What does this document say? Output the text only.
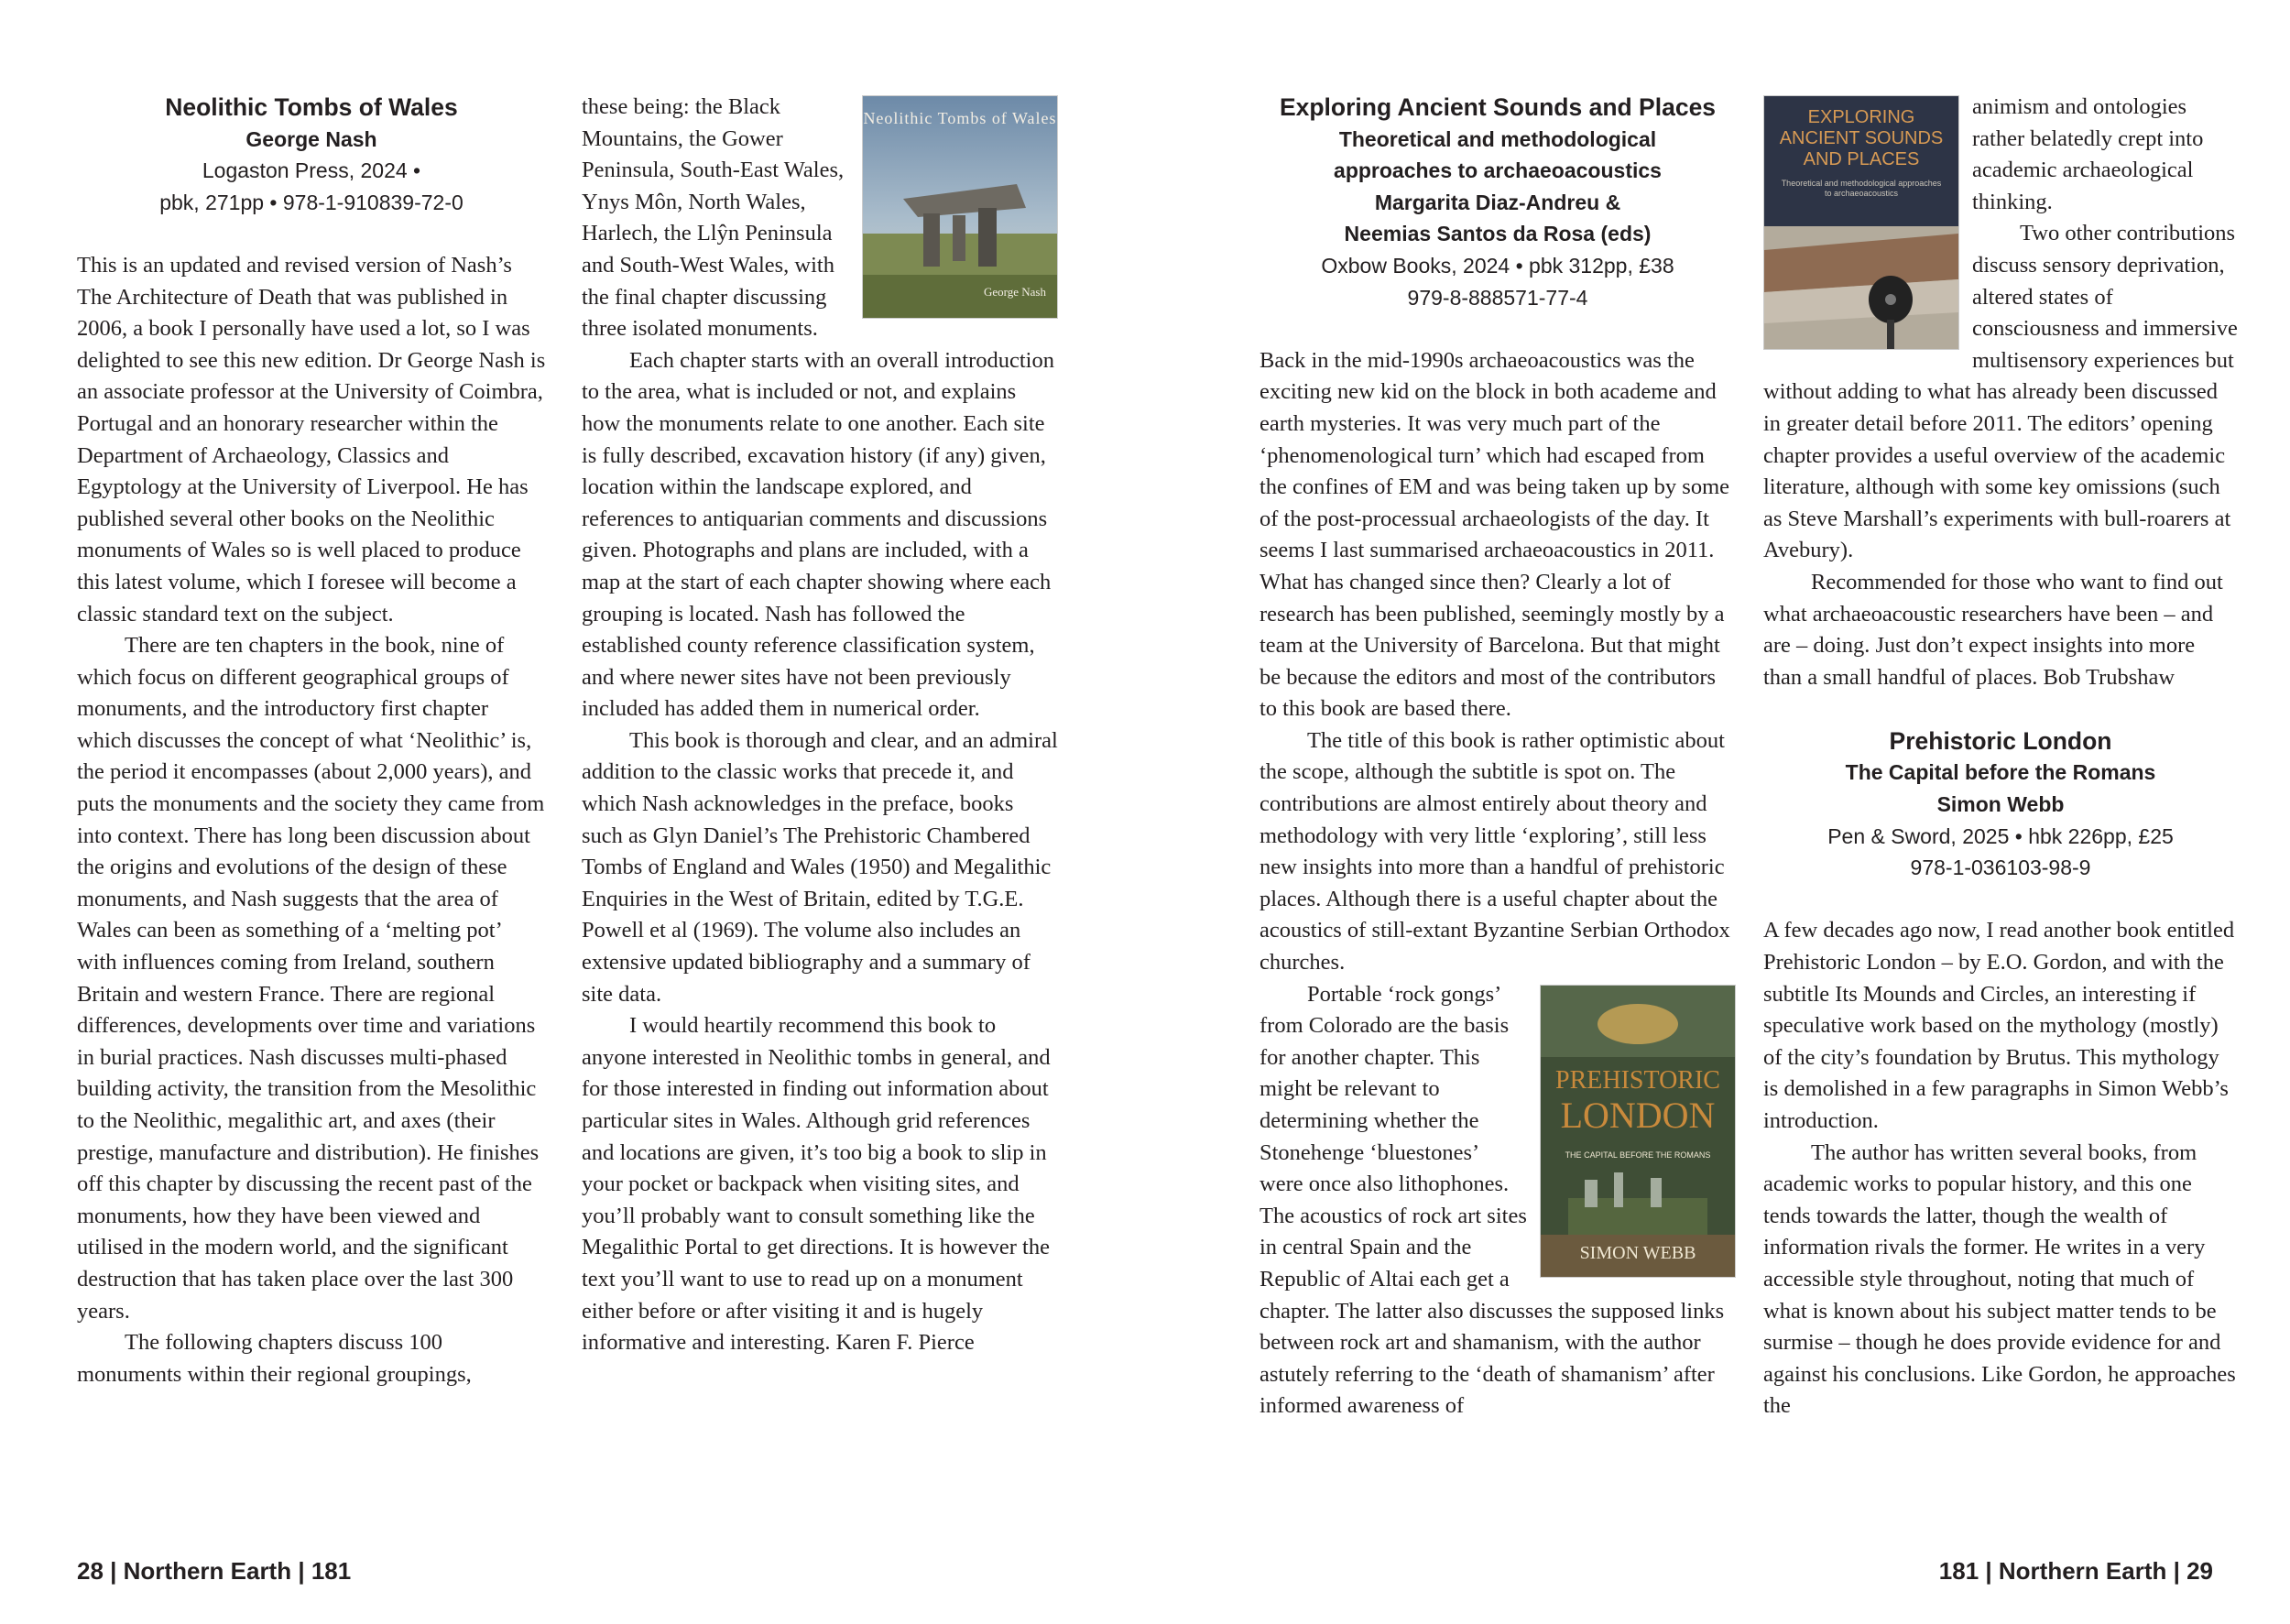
Neolithic Tombs of Wales
George Nash
Logaston Press, 2024 •
pbk, 271pp • 978-1-910839-72-0

This is an updated and revised version of Nash’s The Architecture of Death that was published in 2006, a book I personally have used a lot, so I was delighted to see this new edition. Dr George Nash is an associate professor at the University of Coimbra, Portugal and an honorary researcher within the Department of Archaeology, Classics and Egyptology at the University of Liverpool. He has published several other books on the Neolithic monuments of Wales so is well placed to produce this latest volume, which I foresee will become a classic standard text on the subject.

There are ten chapters in the book, nine of which focus on different geographical groups of monuments, and the introductory first chapter which discusses the concept of what ‘Neolithic’ is, the period it encompasses (about 2,000 years), and puts the monuments and the society they came from into context. There has long been discussion about the origins and evolutions of the design of these monuments, and Nash suggests that the area of Wales can been as something of a ‘melting pot’ with influences coming from Ireland, southern Britain and western France. There are regional differences, developments over time and variations in burial practices. Nash discusses multi-phased building activity, the transition from the Mesolithic to the Neolithic, megalithic art, and axes (their prestige, manufacture and distribution). He finishes off this chapter by discussing the recent past of the monuments, how they have been viewed and utilised in the modern world, and the significant destruction that has taken place over the last 300 years.

The following chapters discuss 100 monuments within their regional groupings,

Neolithic Tombs of Wales
George Nash

these being: the Black Mountains, the Gower Peninsula, South-East Wales, Ynys Môn, North Wales, Harlech, the Llŷn Peninsula and South-West Wales, with the final chapter discussing three isolated monuments.

Each chapter starts with an overall introduction to the area, what is included or not, and explains how the monuments relate to one another. Each site is fully described, excavation history (if any) given, location within the landscape explored, and references to antiquarian comments and discussions given. Photographs and plans are included, with a map at the start of each chapter showing where each grouping is located. Nash has followed the established county reference classification system, and where newer sites have not been previously included has added them in numerical order.

This book is thorough and clear, and an admiral addition to the classic works that precede it, and which Nash acknowledges in the preface, books such as Glyn Daniel’s The Prehistoric Chambered Tombs of England and Wales (1950) and Megalithic Enquiries in the West of Britain, edited by T.G.E. Powell et al (1969). The volume also includes an extensive updated bibliography and a summary of site data.

I would heartily recommend this book to anyone interested in Neolithic tombs in general, and for those interested in finding out information about particular sites in Wales. Although grid references and locations are given, it’s too big a book to slip in your pocket or backpack when visiting sites, and you’ll probably want to consult something like the Megalithic Portal to get directions. It is however the text you’ll want to use to read up on a monument either before or after visiting it and is hugely informative and interesting. Karen F. Pierce

28 | Northern Earth | 181
Exploring Ancient Sounds and Places
Theoretical and methodological
approaches to archaeoacoustics
Margarita Diaz-Andreu &
Neemias Santos da Rosa (eds)
Oxbow Books, 2024 • pbk 312pp, £38
979-8-888571-77-4

Back in the mid-1990s archaeoacoustics was the exciting new kid on the block in both academe and earth mysteries. It was very much part of the ‘phenomenological turn’ which had escaped from the confines of EM and was being taken up by some of the post-processual archaeologists of the day. It seems I last summarised archaeoacoustics in 2011. What has changed since then? Clearly a lot of research has been published, seemingly mostly by a team at the University of Barcelona. But that might be because the editors and most of the contributors to this book are based there.

The title of this book is rather optimistic about the scope, although the subtitle is spot on. The contributions are almost entirely about theory and methodology with very little ‘exploring’, still less new insights into more than a handful of prehistoric places. Although there is a useful chapter about the acoustics of still-extant Byzantine Serbian Orthodox churches.

PREHISTORIC
LONDON
THE CAPITAL BEFORE THE ROMANS
SIMON WEBB

Portable ‘rock gongs’ from Colorado are the basis for another chapter. This might be relevant to determining whether the Stonehenge ‘bluestones’ were once also lithophones. The acoustics of rock art sites in central Spain and the Republic of Altai each get a chapter. The latter also discusses the supposed links between rock art and shamanism, with the author astutely referring to the ‘death of shamanism’ after informed awareness of

EXPLORING
ANCIENT SOUNDS
AND PLACES
Theoretical and methodological approaches to archaeoacoustics

animism and ontologies rather belatedly crept into academic archaeological thinking.

Two other contributions discuss sensory deprivation, altered states of consciousness and immersive multisensory experiences but without adding to what has already been discussed in greater detail before 2011. The editors’ opening chapter provides a useful overview of the academic literature, although with some key omissions (such as Steve Marshall’s experiments with bull-roarers at Avebury).

Recommended for those who want to find out what archaeoacoustic researchers have been – and are – doing. Just don’t expect insights into more than a small handful of places. Bob Trubshaw

Prehistoric London
The Capital before the Romans
Simon Webb
Pen & Sword, 2025 • hbk 226pp, £25
978-1-036103-98-9

A few decades ago now, I read another book entitled Prehistoric London – by E.O. Gordon, and with the subtitle Its Mounds and Circles, an interesting if speculative work based on the mythology (mostly) of the city’s foundation by Brutus. This mythology is demolished in a few paragraphs in Simon Webb’s introduction.

The author has written several books, from academic works to popular history, and this one tends towards the latter, though the wealth of information rivals the former. He writes in a very accessible style throughout, noting that much of what is known about his subject matter tends to be surmise – though he does provide evidence for and against his conclusions. Like Gordon, he approaches the

181 | Northern Earth | 29
